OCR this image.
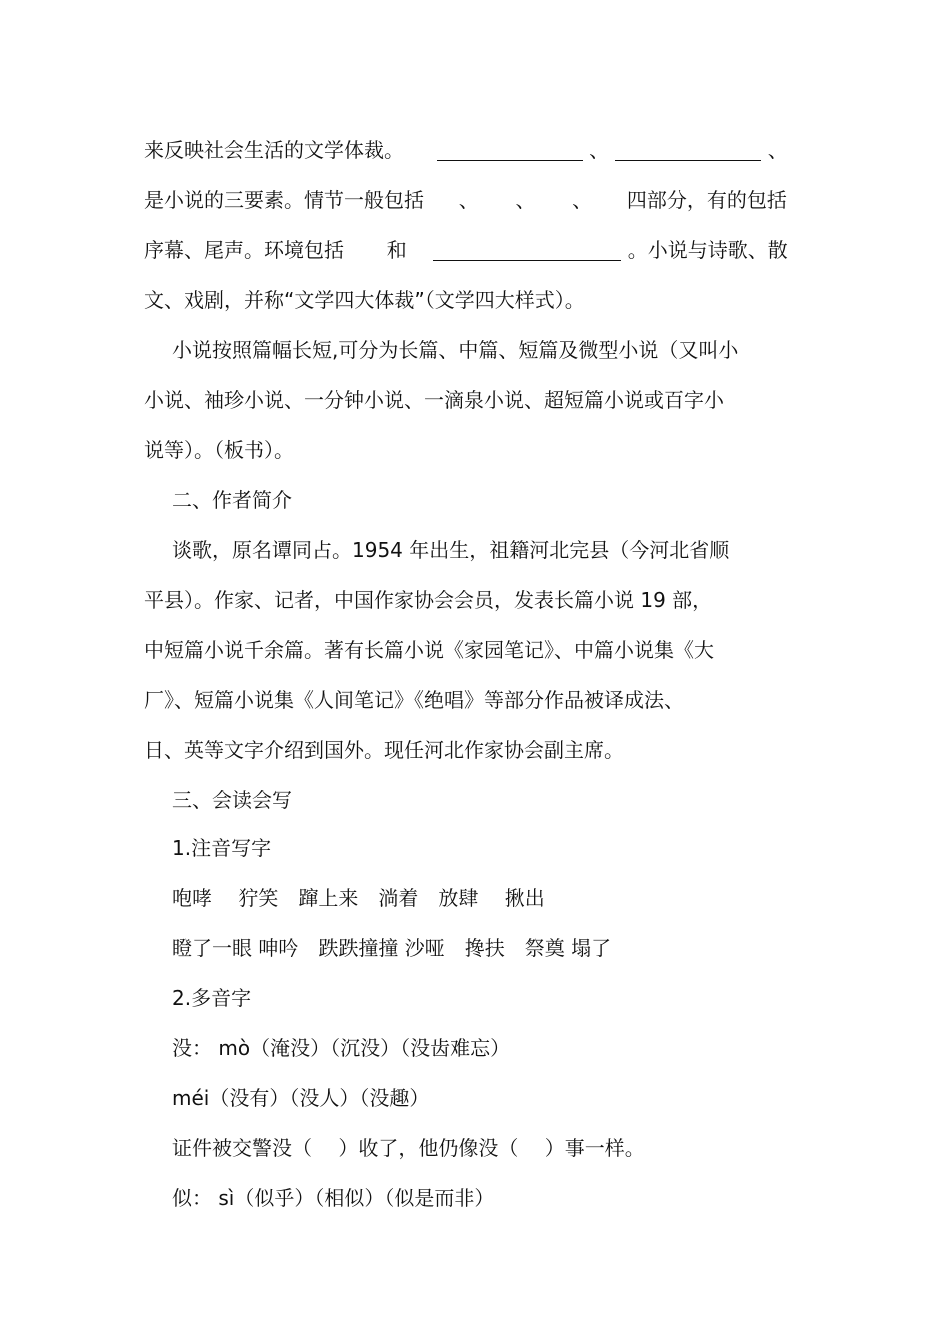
来反映社会生活的文学体裁。	、	、
是小说的三要素。情节一般包括 、 、 、 四部分，有的包括
序幕、尾声。环境包括 和	。小说与诗歌、散
文、戏剧，并称“文学四大体裁”（文学四大样式）。
小说按照篇幅长短,可分为长篇、中篇、短篇及微型小说（又叫小
小说、袖珍小说、一分钟小说、一滴泉小说、超短篇小说或百字小
说等）。（板书）。
二、作者简介
谈歌，原名谭同占。1954 年出生，祖籍河北完县（今河北省顺
平县）。作家、记者，中国作家协会会员，发表长篇小说 19 部，
中短篇小说千余篇。著有长篇小说《家园笔记》、中篇小说集《大
厂》、短篇小说集《人间笔记》《绝唱》等部分作品被译成法、
日、英等文字介绍到国外。现任河北作家协会副主席。
三、会读会写
1.注音写字
咆哮　 狞笑　蹿上来　淌着　放肆　 揪出
瞪了一眼 呻吟　跌跌撞撞 沙哑　搀扶　祭奠 塌了
2.多音字
没： mò（淹没）（沉没）（没齿难忘）
méi（没有）（没人）（没趣）
证件被交警没（　 ）收了，他仍像没（　 ）事一样。
似： sì（似乎）（相似）（似是而非）
